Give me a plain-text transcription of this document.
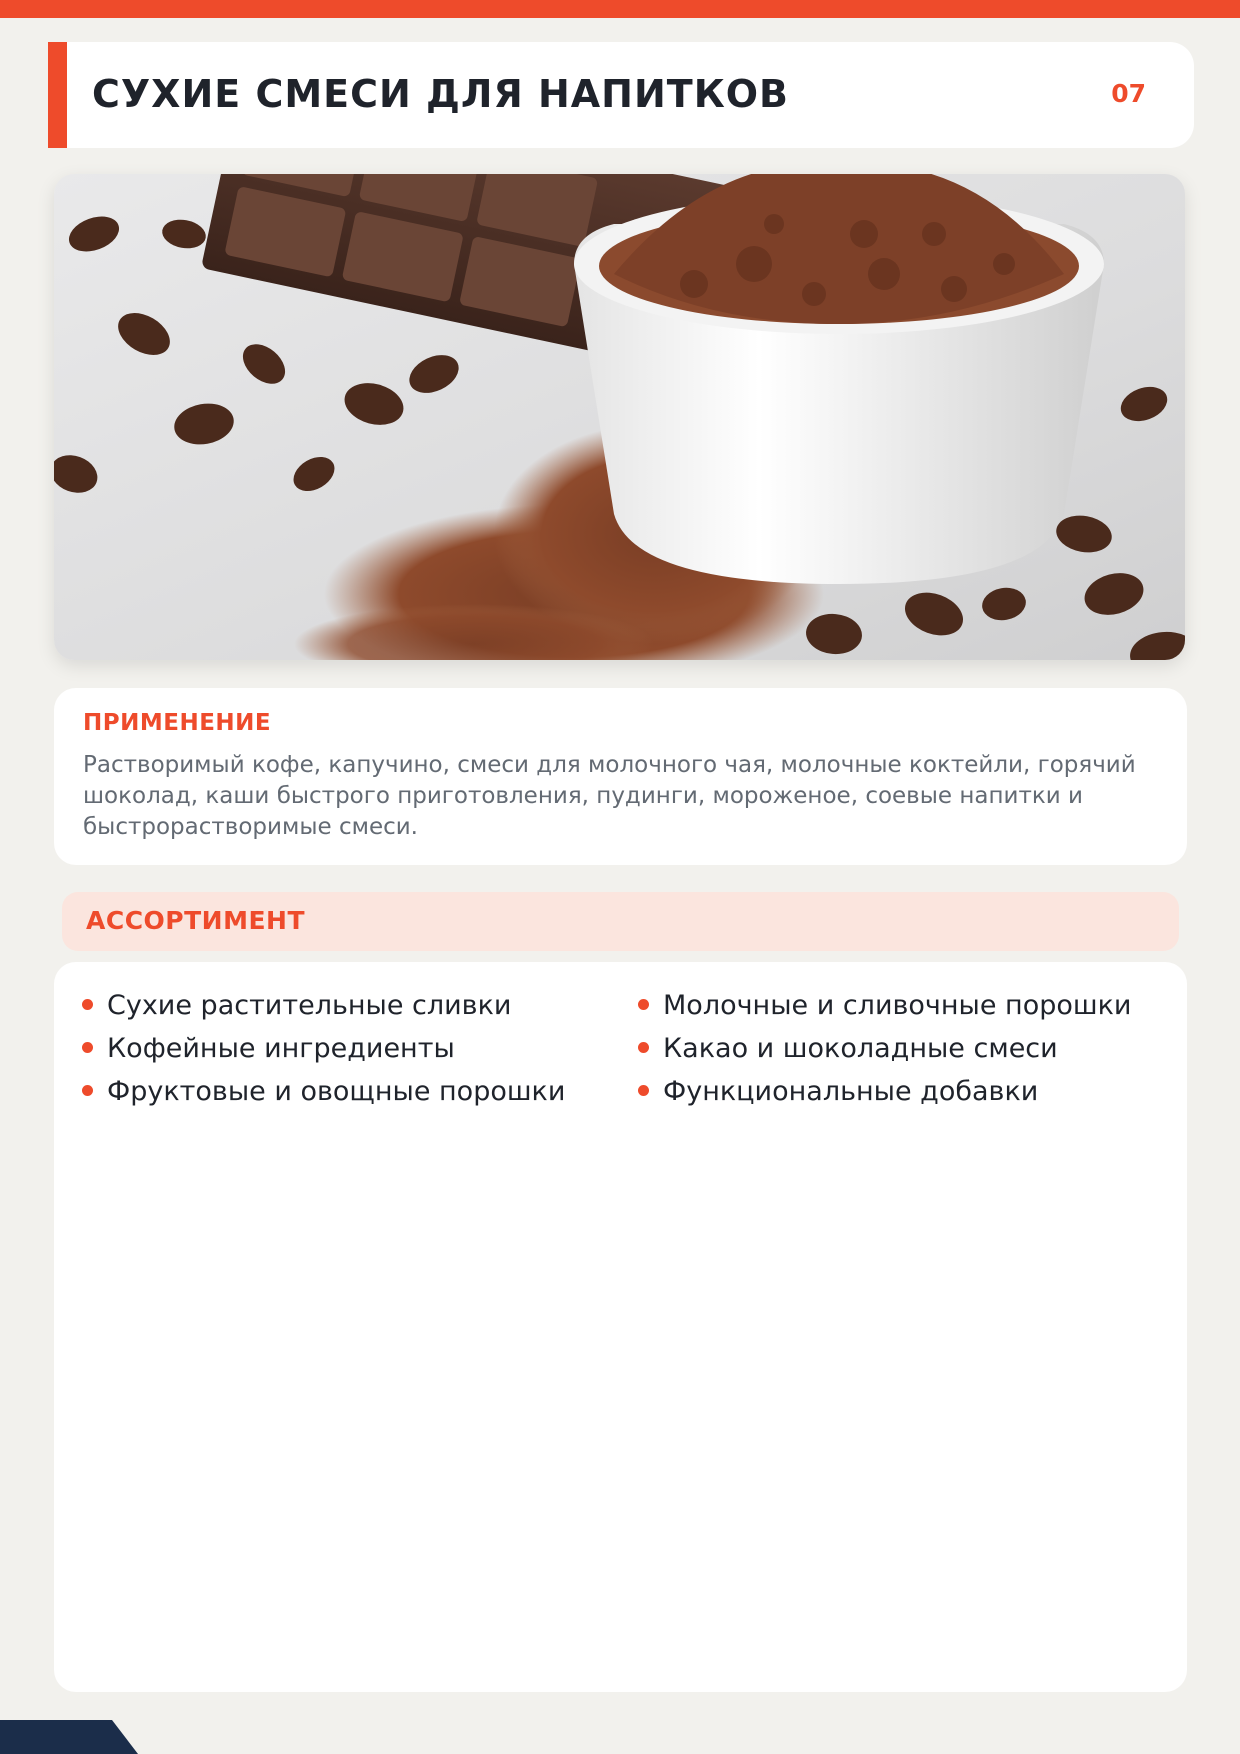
СУХИЕ СМЕСИ ДЛЯ НАПИТКОВ	07
ПРИМЕНЕНИЕ
Растворимый кофе, капучино, смеси для молочного чая, молочные коктейли, горячий шоколад, каши быстрого приготовления, пудинги, мороженое, соевые напитки и быстрорастворимые смеси.
АССОРТИМЕНТ
Сухие растительные сливки
Кофейные ингредиенты
Фруктовые и овощные порошки
Молочные и сливочные порошки
Какао и шоколадные смеси
Функциональные добавки
